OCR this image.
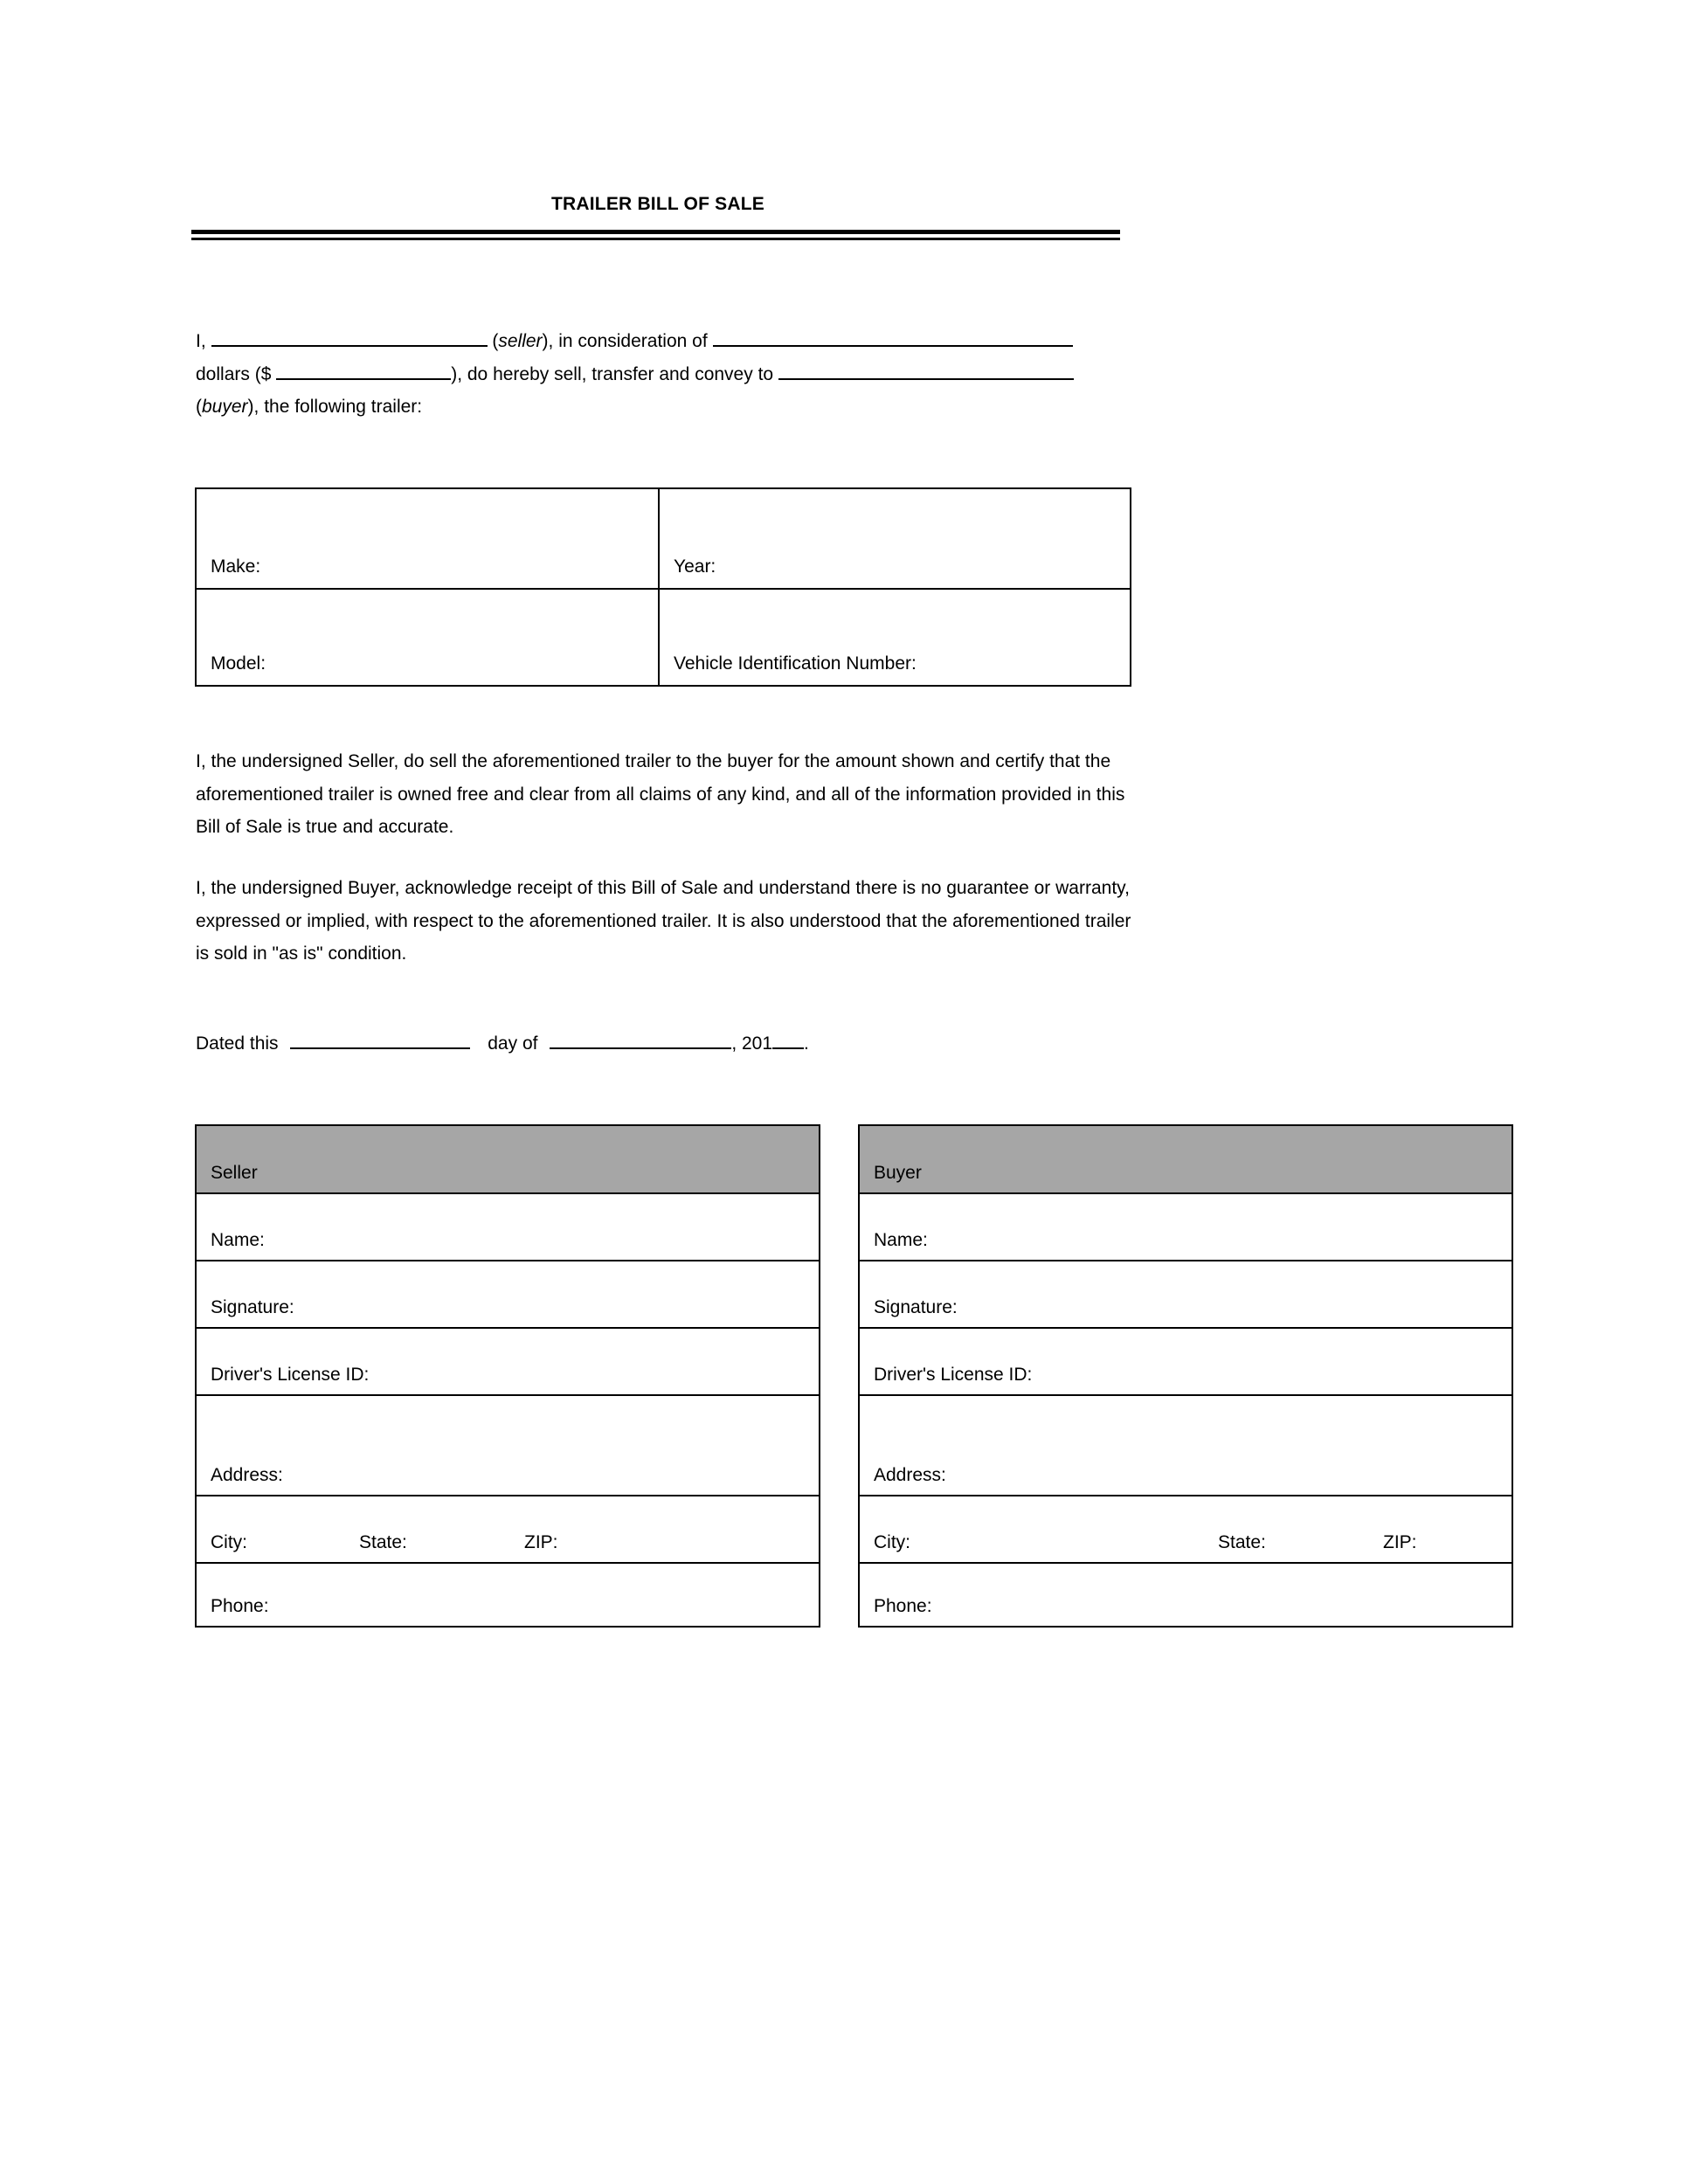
TRAILER BILL OF SALE
I,	(seller), in consideration of
dollars ($	), do hereby sell, transfer and convey to
(buyer), the following trailer:
Make:	Year:
Model:	Vehicle Identification Number:
I, the undersigned Seller, do sell the aforementioned trailer to the buyer for the amount shown and certify that the aforementioned trailer is owned free and clear from all claims of any kind, and all of the information provided in this Bill of Sale is true and accurate.
I, the undersigned Buyer, acknowledge receipt of this Bill of Sale and understand there is no guarantee or warranty, expressed or implied, with respect to the aforementioned trailer. It is also understood that the aforementioned trailer is sold in "as is" condition.
Dated this	day of	, 201 .
Seller
Name:
Signature:
Driver's License ID:
Address:
City:	State:	ZIP:
Phone:
Buyer
Name:
Signature:
Driver's License ID:
Address:
City:	State:	ZIP:
Phone:
